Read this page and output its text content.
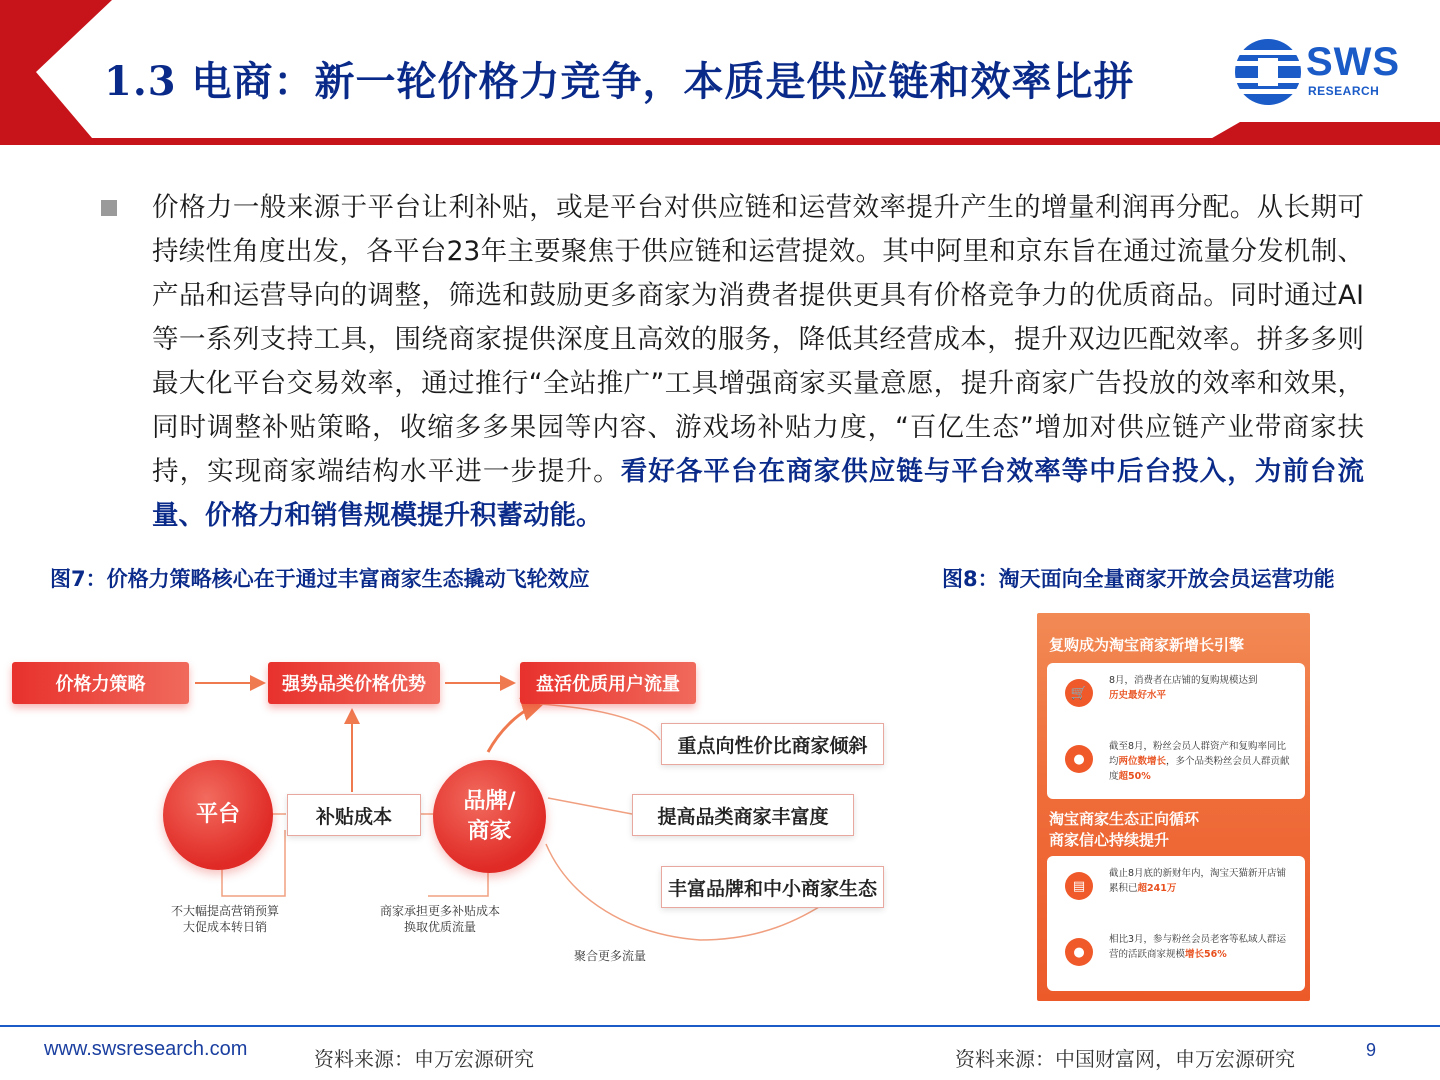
1.3 电商：新一轮价格力竞争，本质是供应链和效率比拼	SWS
RESEARCH
价格力一般来源于平台让利补贴，或是平台对供应链和运营效率提升产生的增量利润再分配。从长期可持续性角度出发，各平台23年主要聚焦于供应链和运营提效。其中阿里和京东旨在通过流量分发机制、产品和运营导向的调整，筛选和鼓励更多商家为消费者提供更具有价格竞争力的优质商品。同时通过AI等一系列支持工具，围绕商家提供深度且高效的服务，降低其经营成本，提升双边匹配效率。拼多多则最大化平台交易效率，通过推行“全站推广”工具增强商家买量意愿，提升商家广告投放的效率和效果，同时调整补贴策略，收缩多多果园等内容、游戏场补贴力度，“百亿生态”增加对供应链产业带商家扶持，实现商家端结构水平进一步提升。看好各平台在商家供应链与平台效率等中后台投入，为前台流量、价格力和销售规模提升积蓄动能。
图7：价格力策略核心在于通过丰富商家生态撬动飞轮效应	图8：淘天面向全量商家开放会员运营功能
价格力策略	强势品类价格优势	盘活优质用户流量
平台
品牌/
商家
补贴成本
重点向性价比商家倾斜
提高品类商家丰富度
丰富品牌和中小商家生态
不大幅提高营销预算
大促成本转日销
商家承担更多补贴成本
换取优质流量
聚合更多流量
复购成为淘宝商家新增长引擎
🛒
8月，消费者在店铺的复购规模达到
历史最好水平
●
截至8月，粉丝会员人群资产和复购率同比均两位数增长，多个品类粉丝会员人群贡献度超50%
淘宝商家生态正向循环
商家信心持续提升
▤
截止8月底的新财年内，淘宝天猫新开店铺累积已超241万
●
相比3月，参与粉丝会员老客等私域人群运营的活跃商家规模增长56%
www.swsresearch.com	资料来源：申万宏源研究	资料来源：中国财富网，申万宏源研究	9
